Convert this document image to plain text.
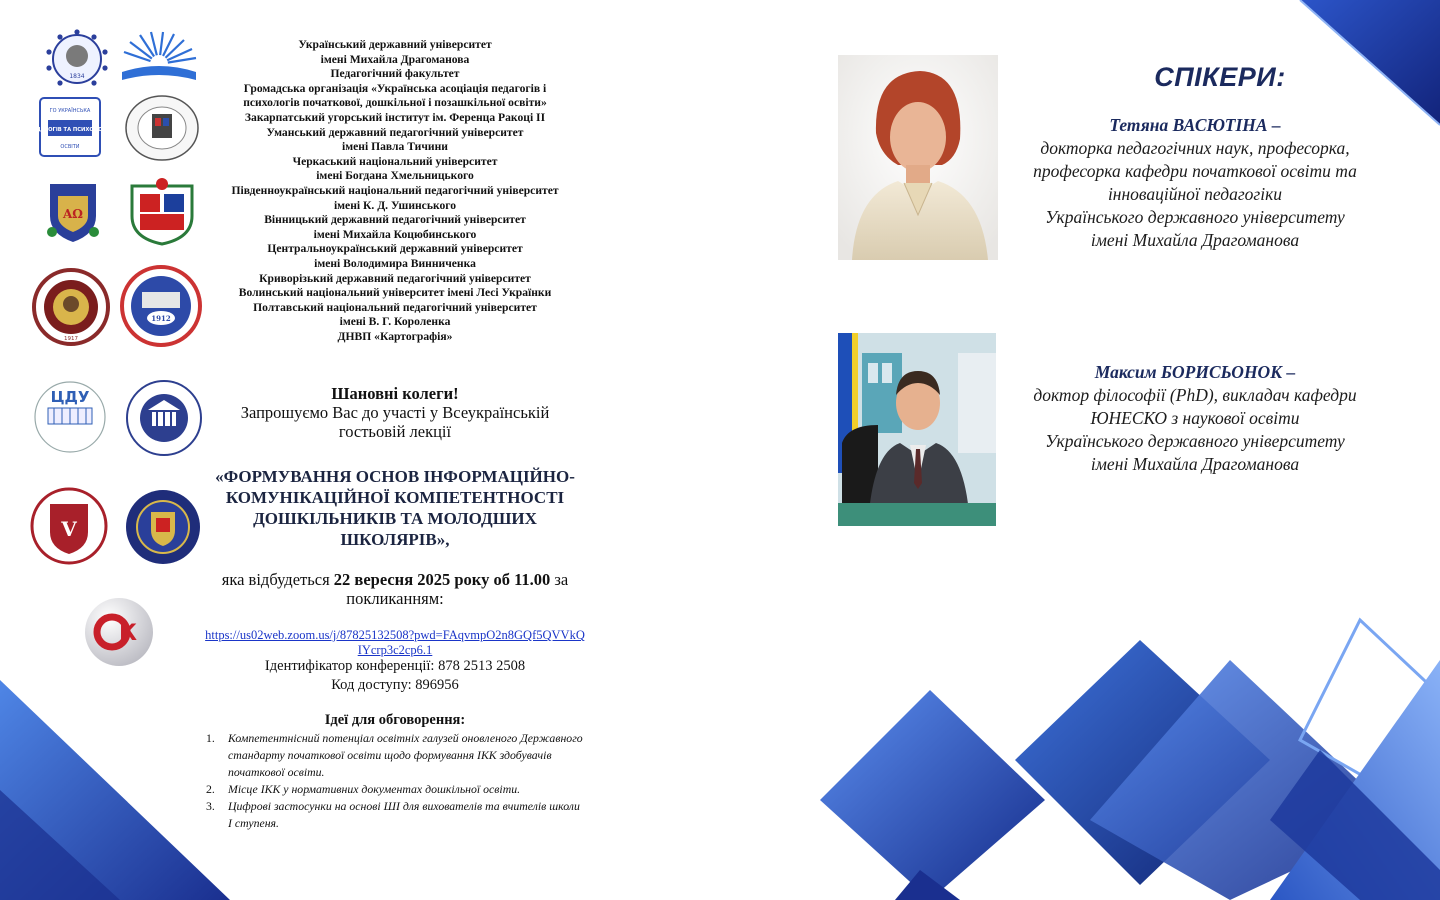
1834
ПЕДАГОГІВ ТА ПСИХОЛОГІВ
ГО УКРАЇНСЬКА
ОСВІТИ
ΑΩ
1917
1912
ЦДУ
V
К
Український державний університет
імені Михайла Драгоманова
Педагогічний факультет
Громадська організація «Українська асоціація педагогів і
психологів початкової, дошкільної і позашкільної освіти»
Закарпатський угорський інститут ім. Ференца Ракоці ІІ
Уманський державний педагогічний університет
імені Павла Тичини
Черкаський національний університет
імені Богдана Хмельницького
Південноукраїнський національний педагогічний університет
імені К. Д. Ушинського
Вінницький державний педагогічний університет
імені Михайла Коцюбинського
Центральноукраїнський державний університет
імені Володимира Винниченка
Криворізький державний педагогічний університет
Волинський національний університет імені Лесі Українки
Полтавський національний педагогічний університет
імені В. Г. Короленка
ДНВП «Картографія»
Шановні колеги!
Запрошуємо Вас до участі у Всеукраїнській
гостьовій лекції
«ФОРМУВАННЯ ОСНОВ ІНФОРМАЦІЙНО-КОМУНІКАЦІЙНОЇ КОМПЕТЕНТНОСТІ ДОШКІЛЬНИКІВ ТА МОЛОДШИХ ШКОЛЯРІВ»,
яка відбудеться 22 вересня 2025 року об 11.00 за покликанням:
https://us02web.zoom.us/j/87825132508?pwd=FAqvmpO2n8GQf5QVVkQIYcrp3c2cp6.1
Ідентифікатор конференції: 878 2513 2508
Код доступу: 896956
Ідеї для обговорення:
1. Компетентнісний потенціал освітніх галузей оновленого Державного стандарту початкової освіти щодо формування ІКК здобувачів початкової освіти.
2. Місце ІКК у нормативних документах дошкільної освіти.
3. Цифрові застосунки на основі ШІ для вихователів та вчителів школи І ступеня.
СПІКЕРИ:
Тетяна ВАСЮТІНА –
докторка педагогічних наук, професорка,
професорка кафедри початкової освіти та
інноваційної педагогіки
Українського державного університету
імені Михайла Драгоманова
Максим БОРИСЬОНОК –
доктор філософії (PhD), викладач кафедри
ЮНЕСКО з наукової освіти
Українського державного університету
імені Михайла Драгоманова
